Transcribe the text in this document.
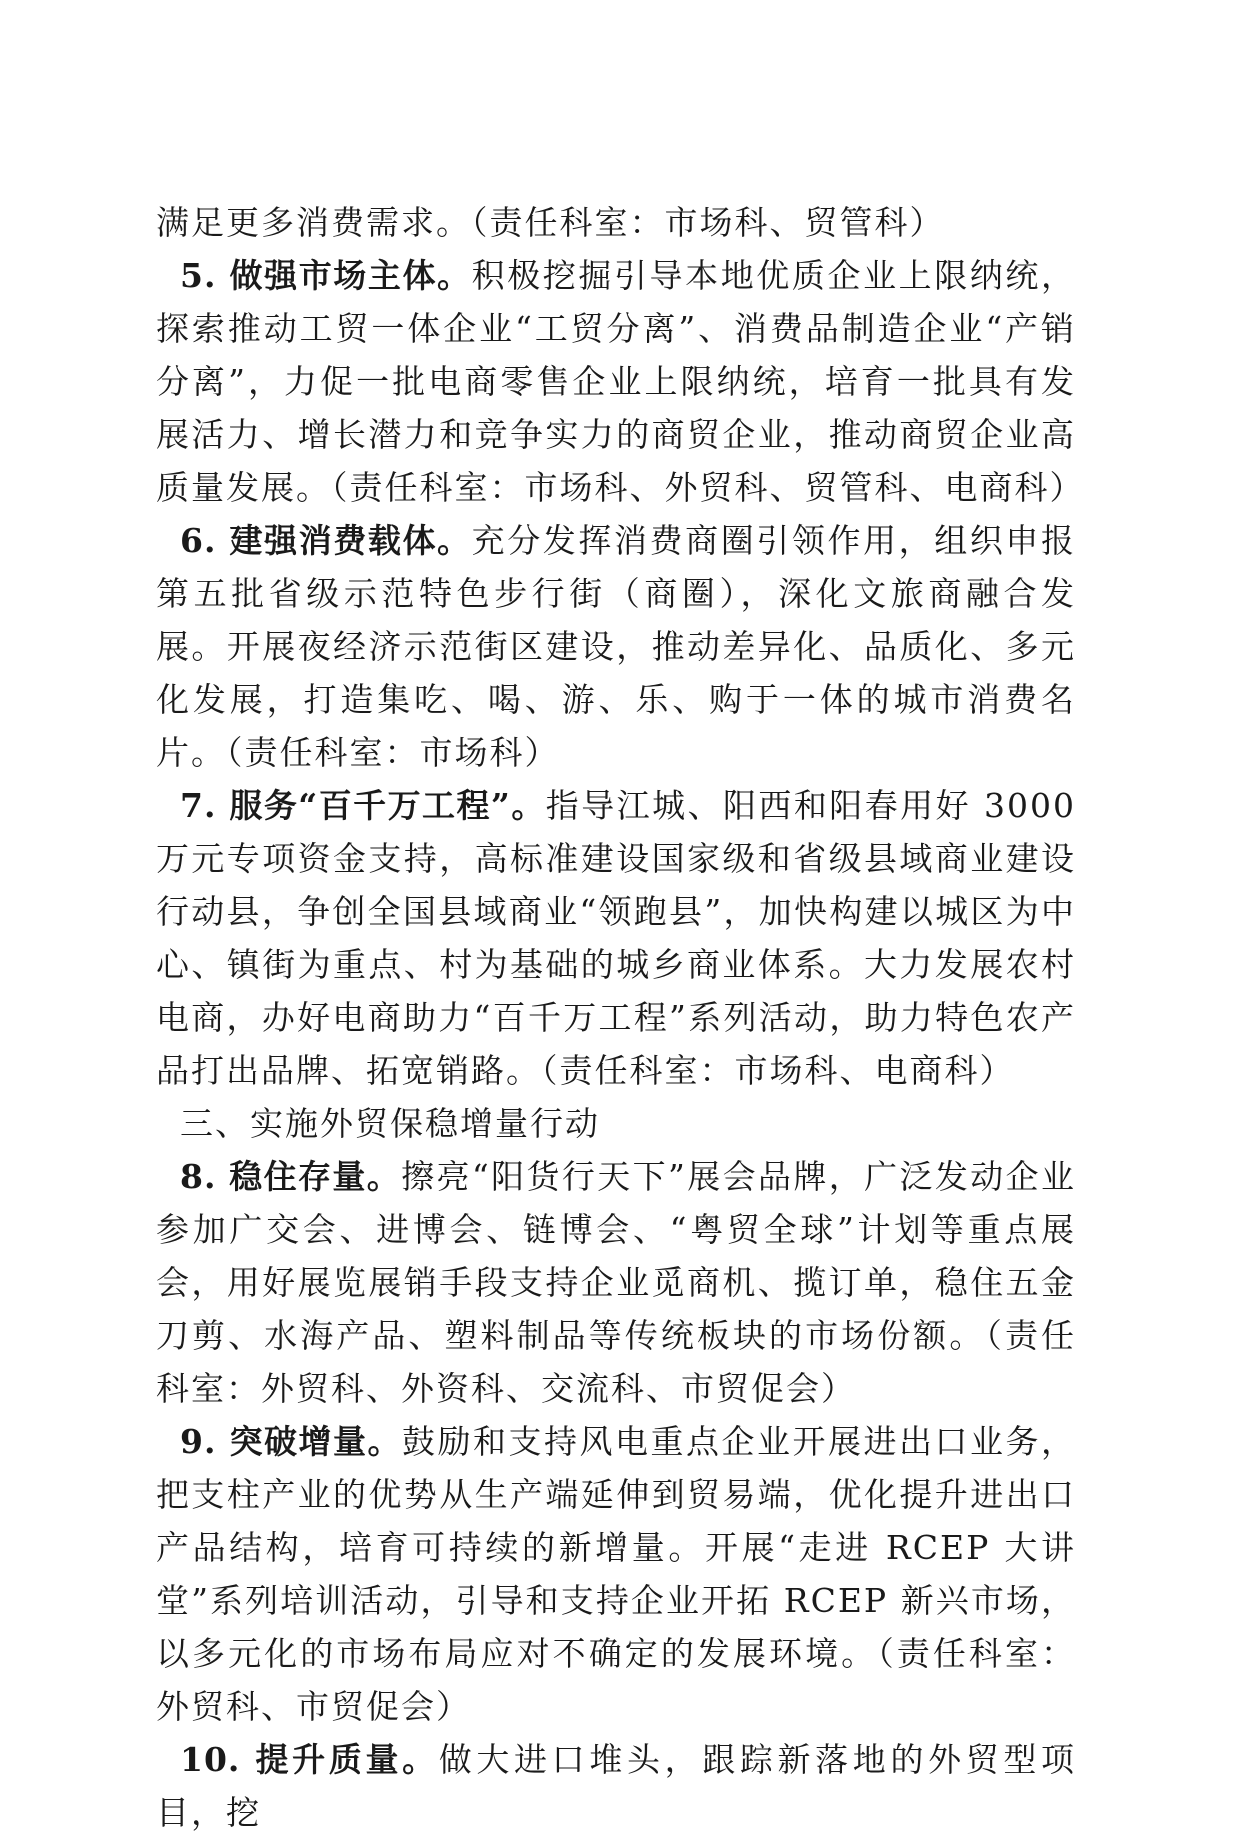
满足更多消费需求。（责任科室：市场科、贸管科）

5. 做强市场主体。积极挖掘引导本地优质企业上限纳统，探索推动工贸一体企业“工贸分离”、消费品制造企业“产销分离”，力促一批电商零售企业上限纳统，培育一批具有发展活力、增长潜力和竞争实力的商贸企业，推动商贸企业高质量发展。（责任科室：市场科、外贸科、贸管科、电商科）

6. 建强消费载体。充分发挥消费商圈引领作用，组织申报第五批省级示范特色步行街（商圈），深化文旅商融合发展。开展夜经济示范街区建设，推动差异化、品质化、多元化发展，打造集吃、喝、游、乐、购于一体的城市消费名片。（责任科室：市场科）

7. 服务“百千万工程”。指导江城、阳西和阳春用好 3000 万元专项资金支持，高标准建设国家级和省级县域商业建设行动县，争创全国县域商业“领跑县”，加快构建以城区为中心、镇街为重点、村为基础的城乡商业体系。大力发展农村电商，办好电商助力“百千万工程”系列活动，助力特色农产品打出品牌、拓宽销路。（责任科室：市场科、电商科）

三、实施外贸保稳增量行动

8. 稳住存量。擦亮“阳货行天下”展会品牌，广泛发动企业参加广交会、进博会、链博会、“粤贸全球”计划等重点展会，用好展览展销手段支持企业觅商机、揽订单，稳住五金刀剪、水海产品、塑料制品等传统板块的市场份额。（责任科室：外贸科、外资科、交流科、市贸促会）

9. 突破增量。鼓励和支持风电重点企业开展进出口业务，把支柱产业的优势从生产端延伸到贸易端，优化提升进出口产品结构，培育可持续的新增量。开展“走进 RCEP 大讲堂”系列培训活动，引导和支持企业开拓 RCEP 新兴市场，以多元化的市场布局应对不确定的发展环境。（责任科室：外贸科、市贸促会）

10. 提升质量。做大进口堆头，跟踪新落地的外贸型项目，挖
